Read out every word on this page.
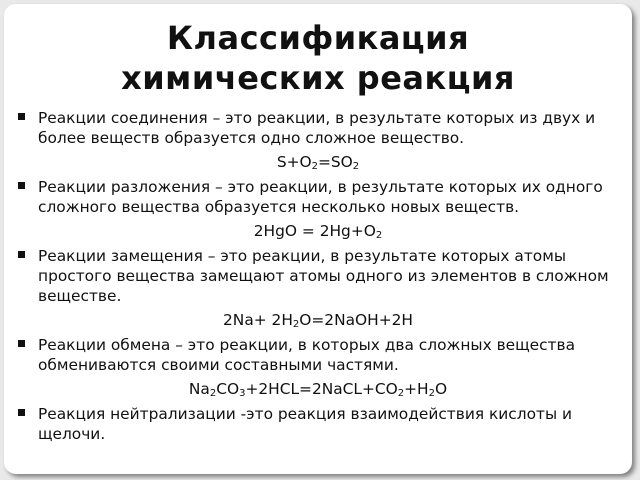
Классификация
химических реакция
Реакции соединения – это реакции, в результате которых из двух и более веществ образуется одно сложное вещество.
$S+O_2=SO_2$
Реакции разложения – это реакции, в результате которых их одного сложного вещества образуется несколько новых веществ.
$2HgO = 2Hg+O_2$
Реакции замещения – это реакции, в результате которых атомы простого вещества замещают атомы одного из элементов в сложном веществе.
$2Na+ 2H_2O=2NaOH+2H$
Реакции обмена – это реакции, в которых два сложных вещества обмениваются своими составными частями.
$Na_2CO_3+2HCL=2NaCL+CO_2+H_2O$
Реакция нейтрализации -это реакция взаимодействия кислоты и щелочи.
